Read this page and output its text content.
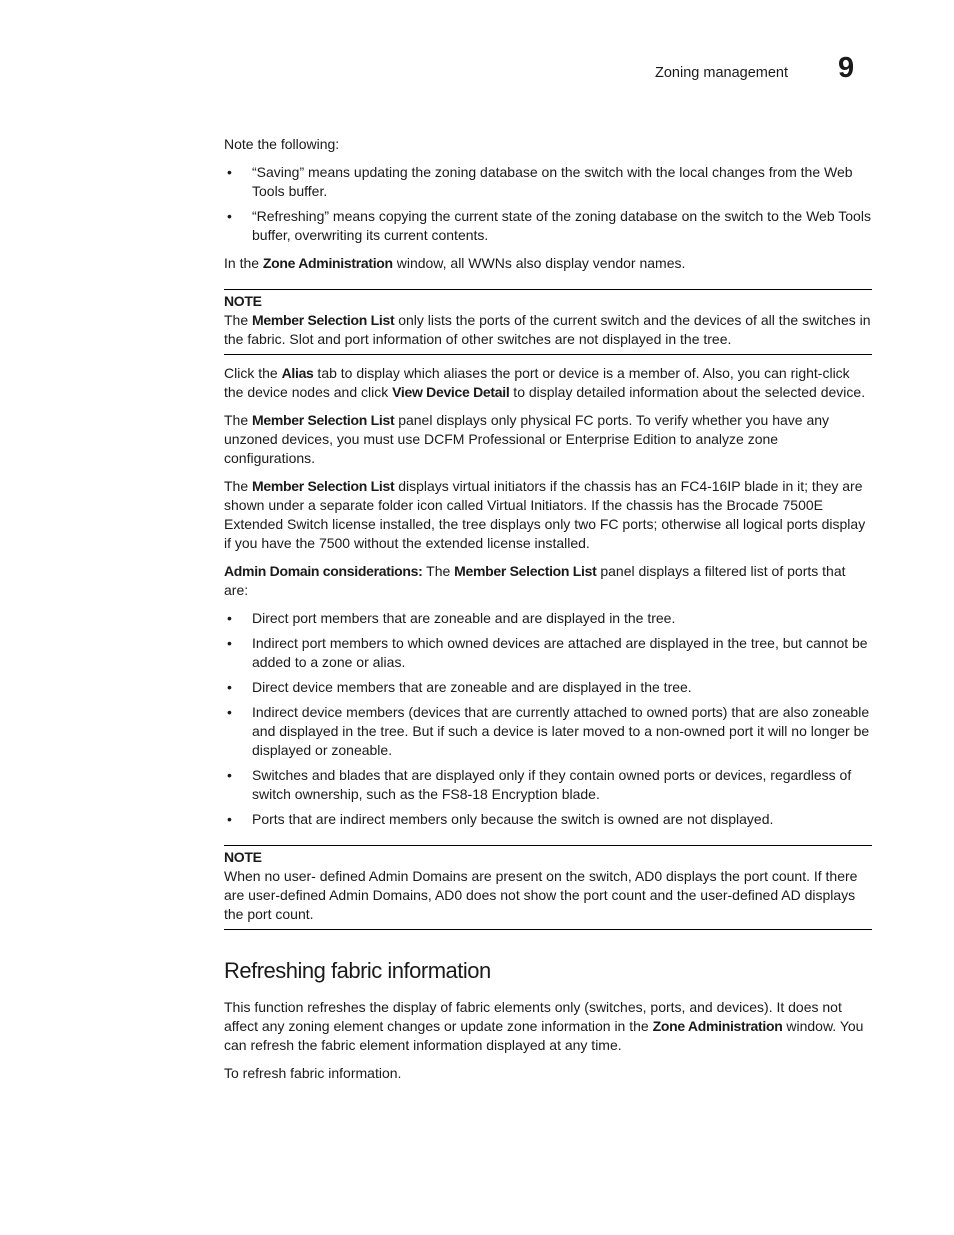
Zoning management 9

Note the following:

• “Saving” means updating the zoning database on the switch with the local changes from the Web Tools buffer.
• “Refreshing” means copying the current state of the zoning database on the switch to the Web Tools buffer, overwriting its current contents.

In the Zone Administration window, all WWNs also display vendor names.

NOTE
The Member Selection List only lists the ports of the current switch and the devices of all the switches in the fabric. Slot and port information of other switches are not displayed in the tree.

Click the Alias tab to display which aliases the port or device is a member of. Also, you can right-click the device nodes and click View Device Detail to display detailed information about the selected device.

The Member Selection List panel displays only physical FC ports. To verify whether you have any unzoned devices, you must use DCFM Professional or Enterprise Edition to analyze zone configurations.

The Member Selection List displays virtual initiators if the chassis has an FC4-16IP blade in it; they are shown under a separate folder icon called Virtual Initiators. If the chassis has the Brocade 7500E Extended Switch license installed, the tree displays only two FC ports; otherwise all logical ports display if you have the 7500 without the extended license installed.

Admin Domain considerations: The Member Selection List panel displays a filtered list of ports that are:

• Direct port members that are zoneable and are displayed in the tree.
• Indirect port members to which owned devices are attached are displayed in the tree, but cannot be added to a zone or alias.
• Direct device members that are zoneable and are displayed in the tree.
• Indirect device members (devices that are currently attached to owned ports) that are also zoneable and displayed in the tree. But if such a device is later moved to a non-owned port it will no longer be displayed or zoneable.
• Switches and blades that are displayed only if they contain owned ports or devices, regardless of switch ownership, such as the FS8-18 Encryption blade.
• Ports that are indirect members only because the switch is owned are not displayed.
NOTE
When no user- defined Admin Domains are present on the switch, AD0 displays the port count. If there are user-defined Admin Domains, AD0 does not show the port count and the user-defined AD displays the port count.
Refreshing fabric information

This function refreshes the display of fabric elements only (switches, ports, and devices). It does not affect any zoning element changes or update zone information in the Zone Administration window. You can refresh the fabric element information displayed at any time.

To refresh fabric information.
